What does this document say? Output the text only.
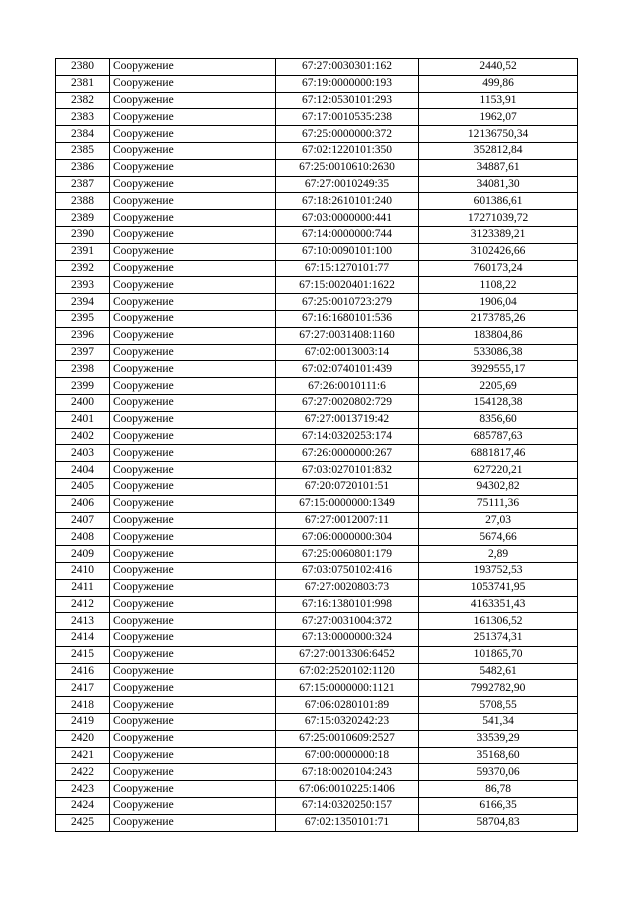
2380	Сооружение	67:27:0030301:162	2440,52
2381	Сооружение	67:19:0000000:193	499,86
2382	Сооружение	67:12:0530101:293	1153,91
2383	Сооружение	67:17:0010535:238	1962,07
2384	Сооружение	67:25:0000000:372	12136750,34
2385	Сооружение	67:02:1220101:350	352812,84
2386	Сооружение	67:25:0010610:2630	34887,61
2387	Сооружение	67:27:0010249:35	34081,30
2388	Сооружение	67:18:2610101:240	601386,61
2389	Сооружение	67:03:0000000:441	17271039,72
2390	Сооружение	67:14:0000000:744	3123389,21
2391	Сооружение	67:10:0090101:100	3102426,66
2392	Сооружение	67:15:1270101:77	760173,24
2393	Сооружение	67:15:0020401:1622	1108,22
2394	Сооружение	67:25:0010723:279	1906,04
2395	Сооружение	67:16:1680101:536	2173785,26
2396	Сооружение	67:27:0031408:1160	183804,86
2397	Сооружение	67:02:0013003:14	533086,38
2398	Сооружение	67:02:0740101:439	3929555,17
2399	Сооружение	67:26:0010111:6	2205,69
2400	Сооружение	67:27:0020802:729	154128,38
2401	Сооружение	67:27:0013719:42	8356,60
2402	Сооружение	67:14:0320253:174	685787,63
2403	Сооружение	67:26:0000000:267	6881817,46
2404	Сооружение	67:03:0270101:832	627220,21
2405	Сооружение	67:20:0720101:51	94302,82
2406	Сооружение	67:15:0000000:1349	75111,36
2407	Сооружение	67:27:0012007:11	27,03
2408	Сооружение	67:06:0000000:304	5674,66
2409	Сооружение	67:25:0060801:179	2,89
2410	Сооружение	67:03:0750102:416	193752,53
2411	Сооружение	67:27:0020803:73	1053741,95
2412	Сооружение	67:16:1380101:998	4163351,43
2413	Сооружение	67:27:0031004:372	161306,52
2414	Сооружение	67:13:0000000:324	251374,31
2415	Сооружение	67:27:0013306:6452	101865,70
2416	Сооружение	67:02:2520102:1120	5482,61
2417	Сооружение	67:15:0000000:1121	7992782,90
2418	Сооружение	67:06:0280101:89	5708,55
2419	Сооружение	67:15:0320242:23	541,34
2420	Сооружение	67:25:0010609:2527	33539,29
2421	Сооружение	67:00:0000000:18	35168,60
2422	Сооружение	67:18:0020104:243	59370,06
2423	Сооружение	67:06:0010225:1406	86,78
2424	Сооружение	67:14:0320250:157	6166,35
2425	Сооружение	67:02:1350101:71	58704,83
